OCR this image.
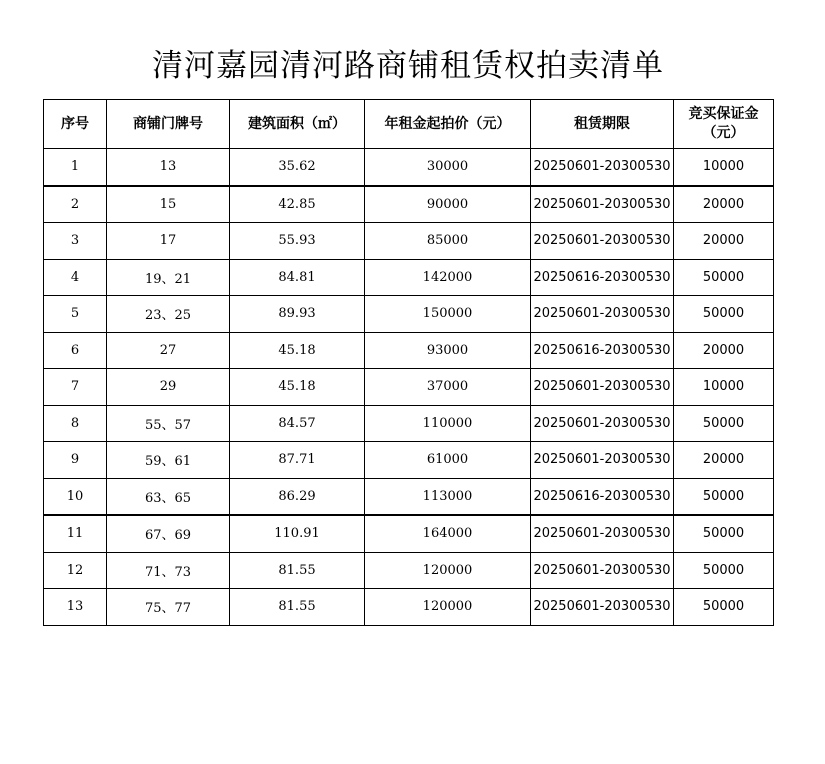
清河嘉园清河路商铺租赁权拍卖清单
序号	商铺门牌号	建筑面积（㎡）	年租金起拍价（元）	租赁期限	竞买保证金（元）
1	13	35.62	30000	20250601-20300530	10000
2	15	42.85	90000	20250601-20300530	20000
3	17	55.93	85000	20250601-20300530	20000
4	19、21	84.81	142000	20250616-20300530	50000
5	23、25	89.93	150000	20250601-20300530	50000
6	27	45.18	93000	20250616-20300530	20000
7	29	45.18	37000	20250601-20300530	10000
8	55、57	84.57	110000	20250601-20300530	50000
9	59、61	87.71	61000	20250601-20300530	20000
10	63、65	86.29	113000	20250616-20300530	50000
11	67、69	110.91	164000	20250601-20300530	50000
12	71、73	81.55	120000	20250601-20300530	50000
13	75、77	81.55	120000	20250601-20300530	50000
